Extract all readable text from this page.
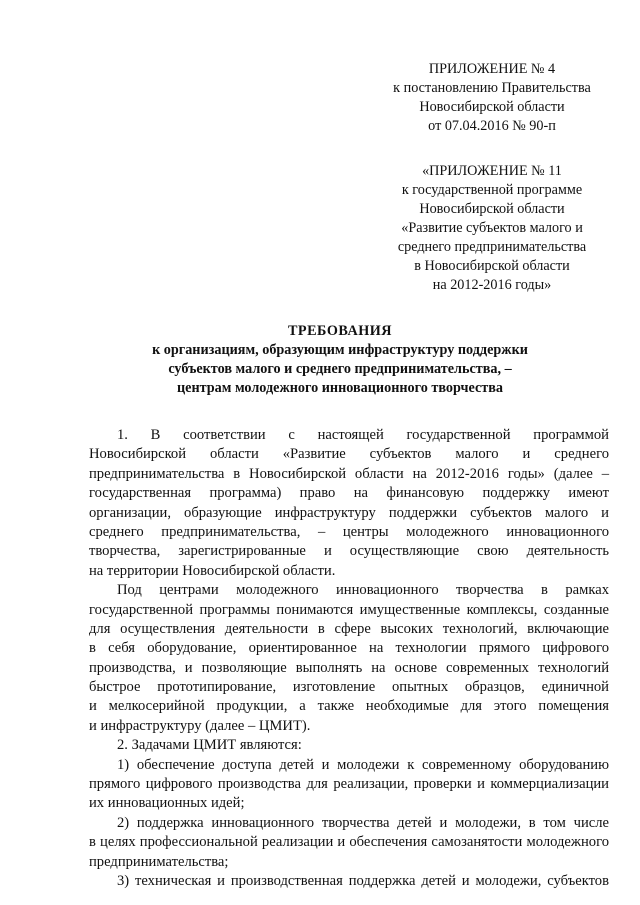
ПРИЛОЖЕНИЕ № 4
к постановлению Правительства
Новосибирской области
от 07.04.2016 № 90-п
«ПРИЛОЖЕНИЕ № 11
к государственной программе
Новосибирской области
«Развитие субъектов малого и
среднего предпринимательства
в Новосибирской области
на 2012-2016 годы»
ТРЕБОВАНИЯ
к организациям, образующим инфраструктуру поддержки
субъектов малого и среднего предпринимательства, –
центрам молодежного инновационного творчества
1. В соответствии с настоящей государственной программой
Новосибирской области «Развитие субъектов малого и среднего
предпринимательства в Новосибирской области на 2012-2016 годы» (далее –
государственная программа) право на финансовую поддержку имеют
организации, образующие инфраструктуру поддержки субъектов малого и
среднего предпринимательства, – центры молодежного инновационного
творчества, зарегистрированные и осуществляющие свою деятельность
на территории Новосибирской области.
Под центрами молодежного инновационного творчества в рамках
государственной программы понимаются имущественные комплексы, созданные
для осуществления деятельности в сфере высоких технологий, включающие
в себя оборудование, ориентированное на технологии прямого цифрового
производства, и позволяющие выполнять на основе современных технологий
быстрое прототипирование, изготовление опытных образцов, единичной
и мелкосерийной продукции, а также необходимые для этого помещения
и инфраструктуру (далее – ЦМИТ).
2. Задачами ЦМИТ являются:
1) обеспечение доступа детей и молодежи к современному оборудованию
прямого цифрового производства для реализации, проверки и коммерциализации
их инновационных идей;
2) поддержка инновационного творчества детей и молодежи, в том числе
в целях профессиональной реализации и обеспечения самозанятости молодежного
предпринимательства;
3) техническая и производственная поддержка детей и молодежи, субъектов
